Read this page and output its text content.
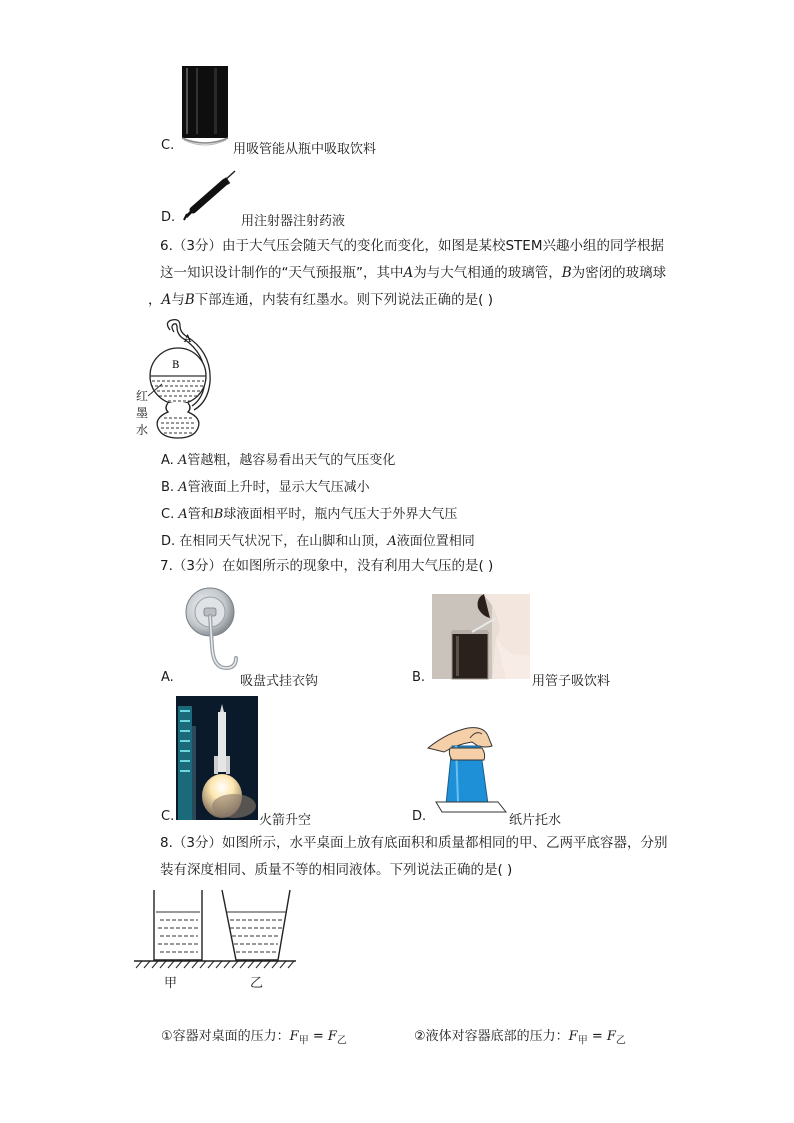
C.	用吸管能从瓶中吸取饮料
D.	用注射器注射药液
6.（3分）由于大气压会随天气的变化而变化，如图是某校STEM兴趣小组的同学根据
这一知识设计制作的“天气预报瓶”，其中A为与大气相通的玻璃管，B为密闭的玻璃球
，A与B下部连通，内装有红墨水。则下列说法正确的是( )
A
B
红
墨
水
A. A管越粗，越容易看出天气的气压变化
B. A管液面上升时，显示大气压减小
C. A管和B球液面相平时，瓶内气压大于外界大气压
D. 在相同天气状况下，在山脚和山顶，A液面位置相同
7.（3分）在如图所示的现象中，没有利用大气压的是( )
A.	吸盘式挂衣钩	B.	用管子吸饮料
C.	火箭升空	D.	纸片托水
8.（3分）如图所示，水平桌面上放有底面积和质量都相同的甲、乙两平底容器，分别
装有深度相同、质量不等的相同液体。下列说法正确的是( )
甲	乙
①容器对桌面的压力：$F_甲 = F_乙$	②液体对容器底部的压力：$F_甲 = F_乙$
